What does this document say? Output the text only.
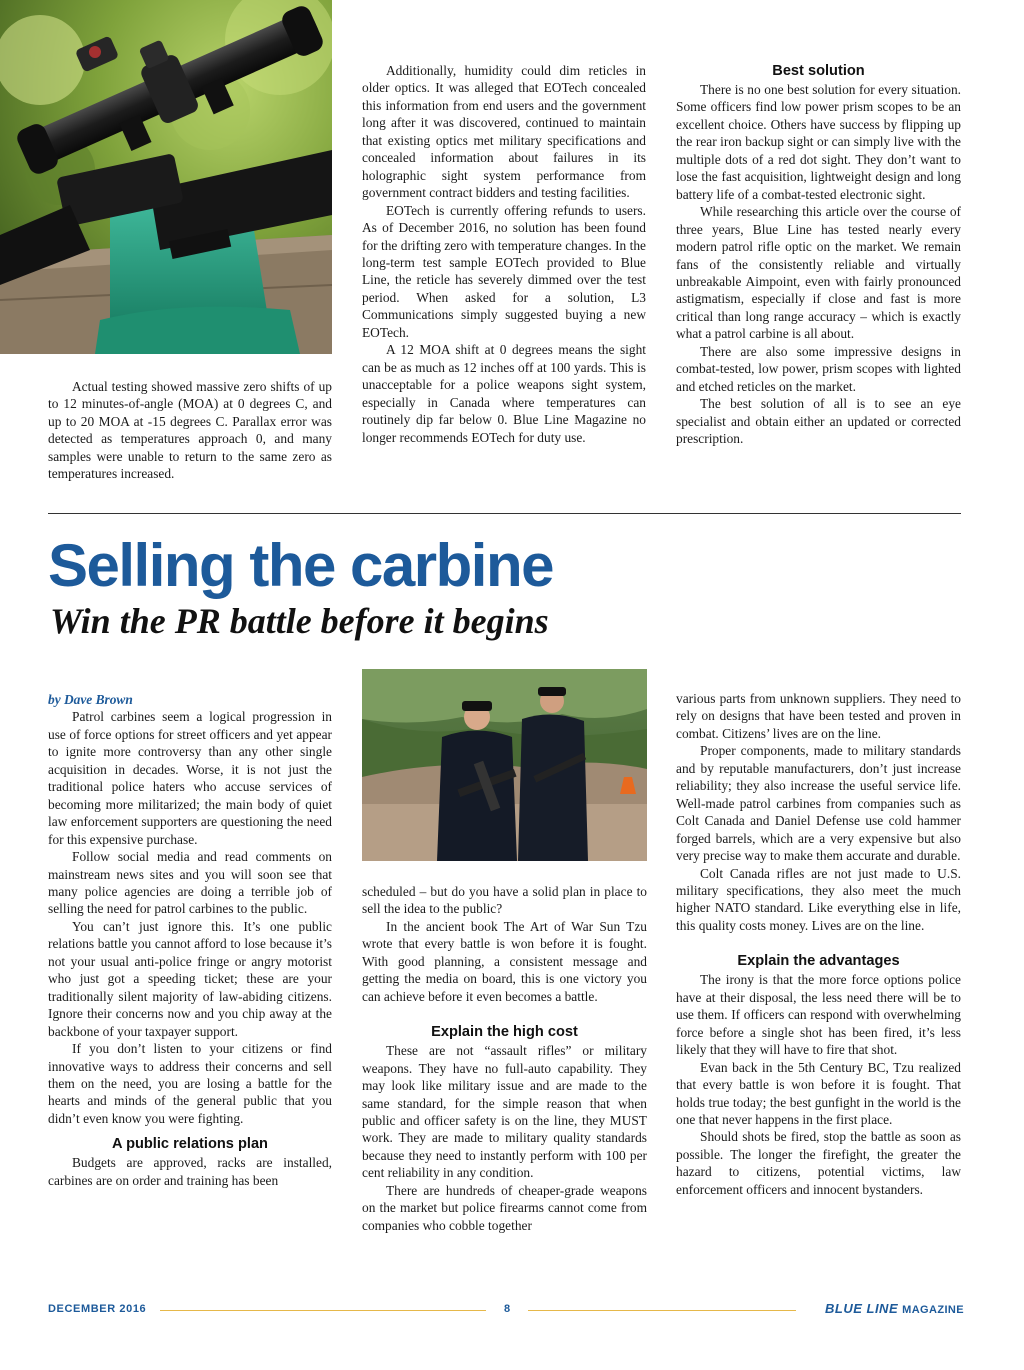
Actual testing showed massive zero shifts of up to 12 minutes-of-angle (MOA) at 0 degrees C, and up to 20 MOA at -15 degrees C. Parallax error was detected as temperatures approach 0, and many samples were unable to return to the same zero as temperatures increased.

Additionally, humidity could dim reticles in older optics. It was alleged that EOTech concealed this information from end users and the government long after it was discovered, continued to maintain that existing optics met military specifications and concealed information about failures in its holographic sight system performance from government contract bidders and testing facilities.

EOTech is currently offering refunds to users. As of December 2016, no solution has been found for the drifting zero with temperature changes. In the long-term test sample EOTech provided to Blue Line, the reticle has severely dimmed over the test period. When asked for a solution, L3 Communications simply suggested buying a new EOTech.

A 12 MOA shift at 0 degrees means the sight can be as much as 12 inches off at 100 yards. This is unacceptable for a police weapons sight system, especially in Canada where temperatures can routinely dip far below 0. Blue Line Magazine no longer recommends EOTech for duty use.

Best solution

There is no one best solution for every situation. Some officers find low power prism scopes to be an excellent choice. Others have success by flipping up the rear iron backup sight or can simply live with the multiple dots of a red dot sight. They don’t want to lose the fast acquisition, lightweight design and long battery life of a combat-tested electronic sight.

While researching this article over the course of three years, Blue Line has tested nearly every modern patrol rifle optic on the market. We remain fans of the consistently reliable and virtually unbreakable Aimpoint, even with fairly pronounced astigmatism, especially if close and fast is more critical than long range accuracy – which is exactly what a patrol carbine is all about.

There are also some impressive designs in combat-tested, low power, prism scopes with lighted and etched reticles on the market.

The best solution of all is to see an eye specialist and obtain either an updated or corrected prescription.

Selling the carbine
Win the PR battle before it begins

by Dave Brown

Patrol carbines seem a logical progression in use of force options for street officers and yet appear to ignite more controversy than any other single acquisition in decades. Worse, it is not just the traditional police haters who accuse services of becoming more militarized; the main body of quiet law enforcement supporters are questioning the need for this expensive purchase.

Follow social media and read comments on mainstream news sites and you will soon see that many police agencies are doing a terrible job of selling the need for patrol carbines to the public.

You can’t just ignore this. It’s one public relations battle you cannot afford to lose because it’s not your usual anti-police fringe or angry motorist who just got a speeding ticket; these are your traditionally silent majority of law-abiding citizens. Ignore their concerns now and you chip away at the backbone of your taxpayer support.

If you don’t listen to your citizens or find innovative ways to address their concerns and sell them on the need, you are losing a battle for the hearts and minds of the general public that you didn’t even know you were fighting.

A public relations plan

Budgets are approved, racks are installed, carbines are on order and training has been

scheduled – but do you have a solid plan in place to sell the idea to the public?

In the ancient book The Art of War Sun Tzu wrote that every battle is won before it is fought. With good planning, a consistent message and getting the media on board, this is one victory you can achieve before it even becomes a battle.

Explain the high cost

These are not “assault rifles” or military weapons. They have no full-auto capability. They may look like military issue and are made to the same standard, for the simple reason that when public and officer safety is on the line, they MUST work. They are made to military quality standards because they need to instantly perform with 100 per cent reliability in any condition.

There are hundreds of cheaper-grade weapons on the market but police firearms cannot come from companies who cobble together

various parts from unknown suppliers. They need to rely on designs that have been tested and proven in combat. Citizens’ lives are on the line.

Proper components, made to military standards and by reputable manufacturers, don’t just increase reliability; they also increase the useful service life. Well-made patrol carbines from companies such as Colt Canada and Daniel Defense use cold hammer forged barrels, which are a very expensive but also very precise way to make them accurate and durable.

Colt Canada rifles are not just made to U.S. military specifications, they also meet the much higher NATO standard. Like everything else in life, this quality costs money. Lives are on the line.

Explain the advantages

The irony is that the more force options police have at their disposal, the less need there will be to use them. If officers can respond with overwhelming force before a single shot has been fired, it’s less likely that they will have to fire that shot.

Evan back in the 5th Century BC, Tzu realized that every battle is won before it is fought. That holds true today; the best gunfight in the world is the one that never happens in the first place.

Should shots be fired, stop the battle as soon as possible. The longer the firefight, the greater the hazard to citizens, potential victims, law enforcement officers and innocent bystanders.

DECEMBER 2016	8	BLUE LINE MAGAZINE
